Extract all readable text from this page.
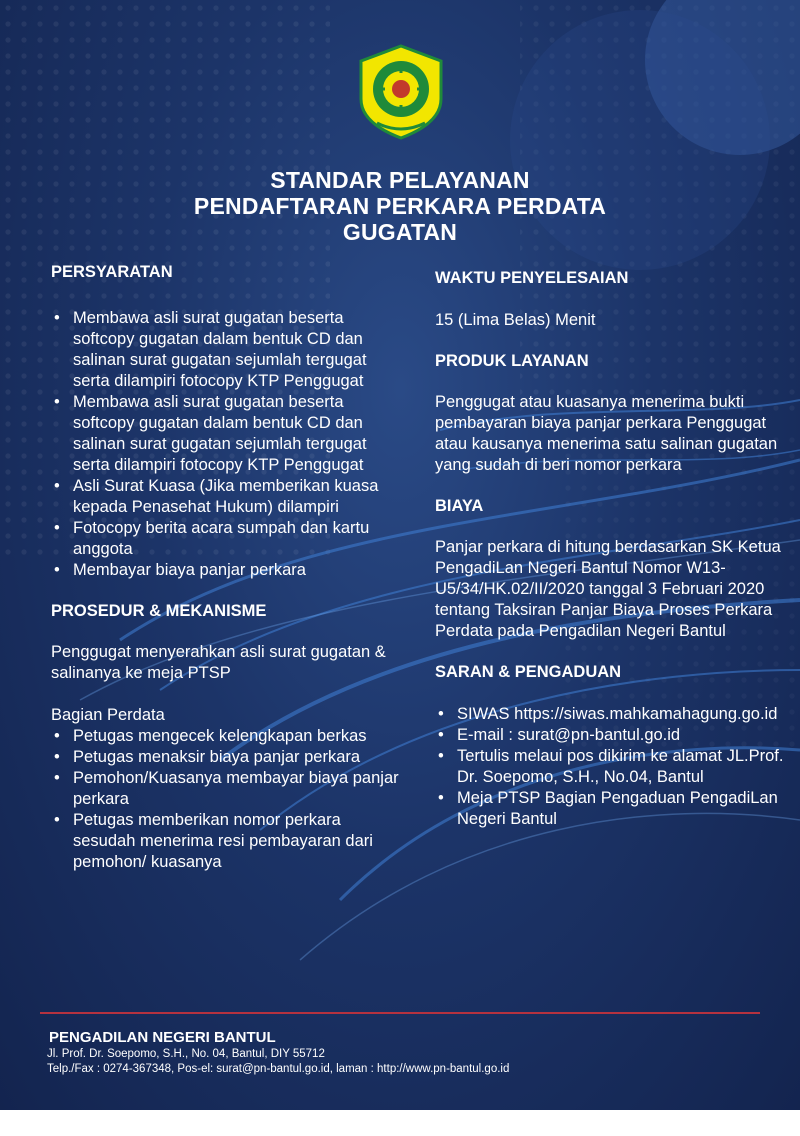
STANDAR PELAYANAN
PENDAFTARAN PERKARA PERDATA
GUGATAN
PERSYARATAN
• Membawa asli surat gugatan beserta softcopy gugatan dalam bentuk CD dan salinan surat gugatan sejumlah tergugat serta dilampiri fotocopy KTP Penggugat
• Membawa asli surat gugatan beserta softcopy gugatan dalam bentuk CD dan salinan surat gugatan sejumlah tergugat serta dilampiri fotocopy KTP Penggugat
• Asli Surat Kuasa (Jika memberikan kuasa kepada Penasehat Hukum) dilampiri
• Fotocopy berita acara sumpah dan kartu anggota
• Membayar biaya panjar perkara
PROSEDUR & MEKANISME

Penggugat menyerahkan asli surat gugatan & salinanya ke meja PTSP

Bagian Perdata

• Petugas mengecek kelengkapan berkas
• Petugas menaksir biaya panjar perkara
• Pemohon/Kuasanya membayar biaya panjar perkara
• Petugas memberikan nomor perkara sesudah menerima resi pembayaran dari pemohon/ kuasanya
WAKTU PENYELESAIAN

15 (Lima Belas) Menit

PRODUK LAYANAN

Penggugat atau kuasanya menerima bukti pembayaran biaya panjar perkara Penggugat atau kausanya menerima satu salinan gugatan yang sudah di beri nomor perkara

BIAYA

Panjar perkara di hitung berdasarkan SK Ketua PengadiLan Negeri Bantul Nomor W13-U5/34/HK.02/II/2020 tanggal 3 Februari 2020 tentang Taksiran Panjar Biaya Proses Perkara Perdata pada Pengadilan Negeri Bantul

SARAN & PENGADUAN
• SIWAS https://siwas.mahkamahagung.go.id
• E-mail : surat@pn-bantul.go.id
• Tertulis melaui pos dikirim ke alamat JL.Prof. Dr. Soepomo, S.H., No.04, Bantul
• Meja PTSP Bagian Pengaduan PengadiLan Negeri Bantul
PENGADILAN NEGERI BANTUL
Jl. Prof. Dr. Soepomo, S.H., No. 04, Bantul, DIY 55712
Telp./Fax : 0274-367348, Pos-el: surat@pn-bantul.go.id, laman : http://www.pn-bantul.go.id
